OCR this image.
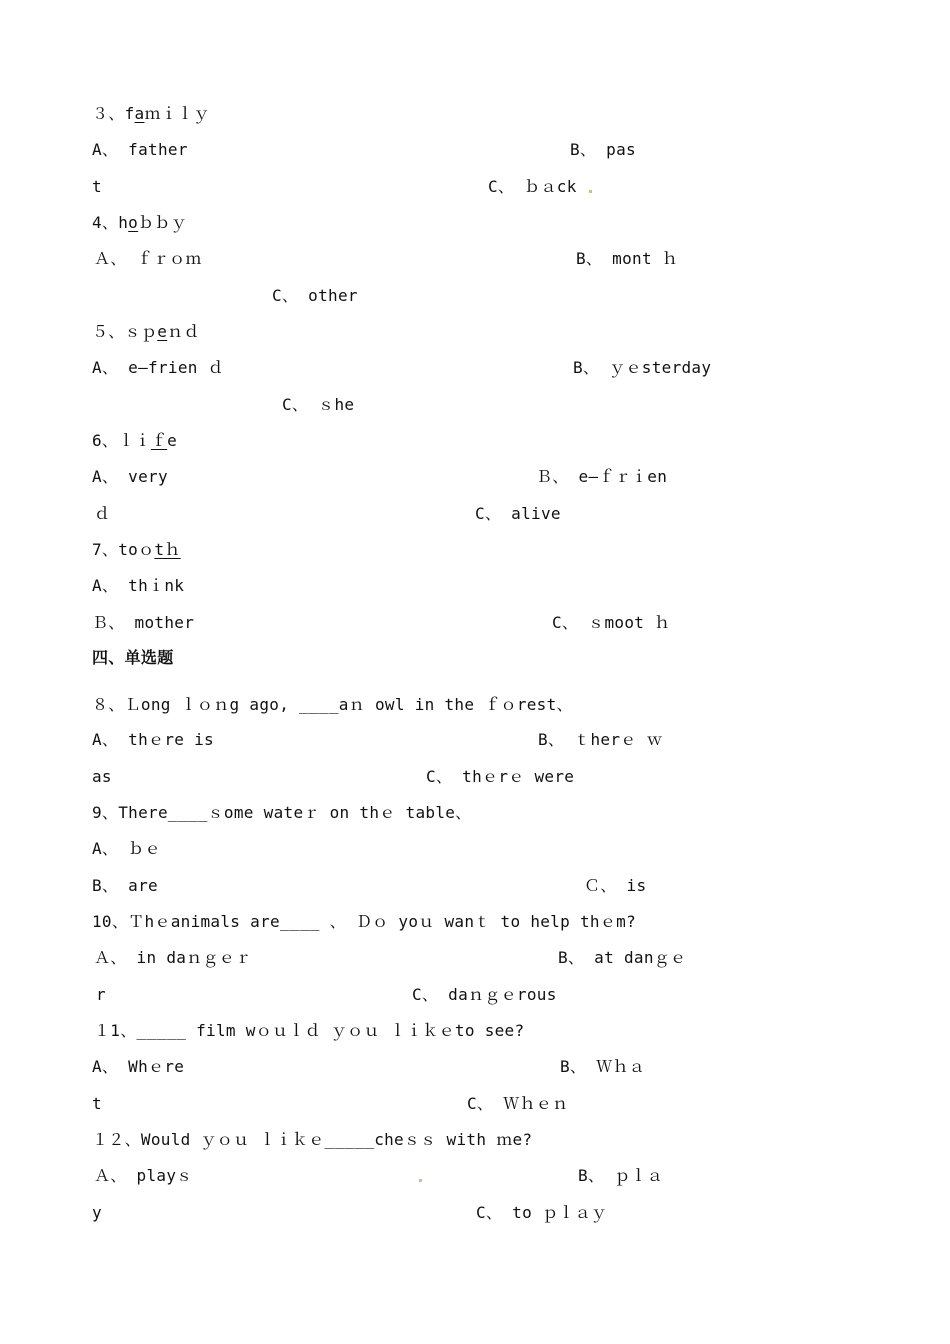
３、faｍｉｌｙ
A、 father	B、 pas
t	C、 ｂａck
4、hoｂｂｙ
Ａ、 ｆｒｏｍ	B、 mont ｈ
C、 other
５、ｓｐeｎｄ
A、 e—frien ｄ	B、 ｙｅsterday
C、 ｓhe
6、ｌｉｆe
A、 very	Ｂ、 e—ｆｒｉen
ｄ	C、 alive
7、toｏtｈ
A、 thｉnk
Ｂ、 mother	C、 ｓmoot ｈ
四、单选题
８、Ｌong ｌｏｎg ago, ____aｎ owl in the ｆｏrest、
A、 thｅre is	B、 ｔherｅ ｗ
as	C、 thｅrｅ were
9、There____ｓome wateｒ on thｅ table、
A、 ｂｅ
B、 are	Ｃ、 is
10、Ｔhｅanimals are____ 、 Ｄｏ yoｕ wanｔ to help thｅm?
Ａ、 in daｎｇｅｒ	B、 at danｇｅ
r	C、 daｎｇｅrous
１1、_____ film wｏｕｌｄ ｙｏｕ ｌｉｋｅto see?
A、 Whｅre	B、 Ｗｈａ
t	C、 Ｗｈｅｎ
１２、Would ｙｏｕ ｌｉｋｅ_____cheｓｓ with ｍe?
Ａ、 playｓ	B、 ｐｌａ
y	C、 to ｐｌａｙ
